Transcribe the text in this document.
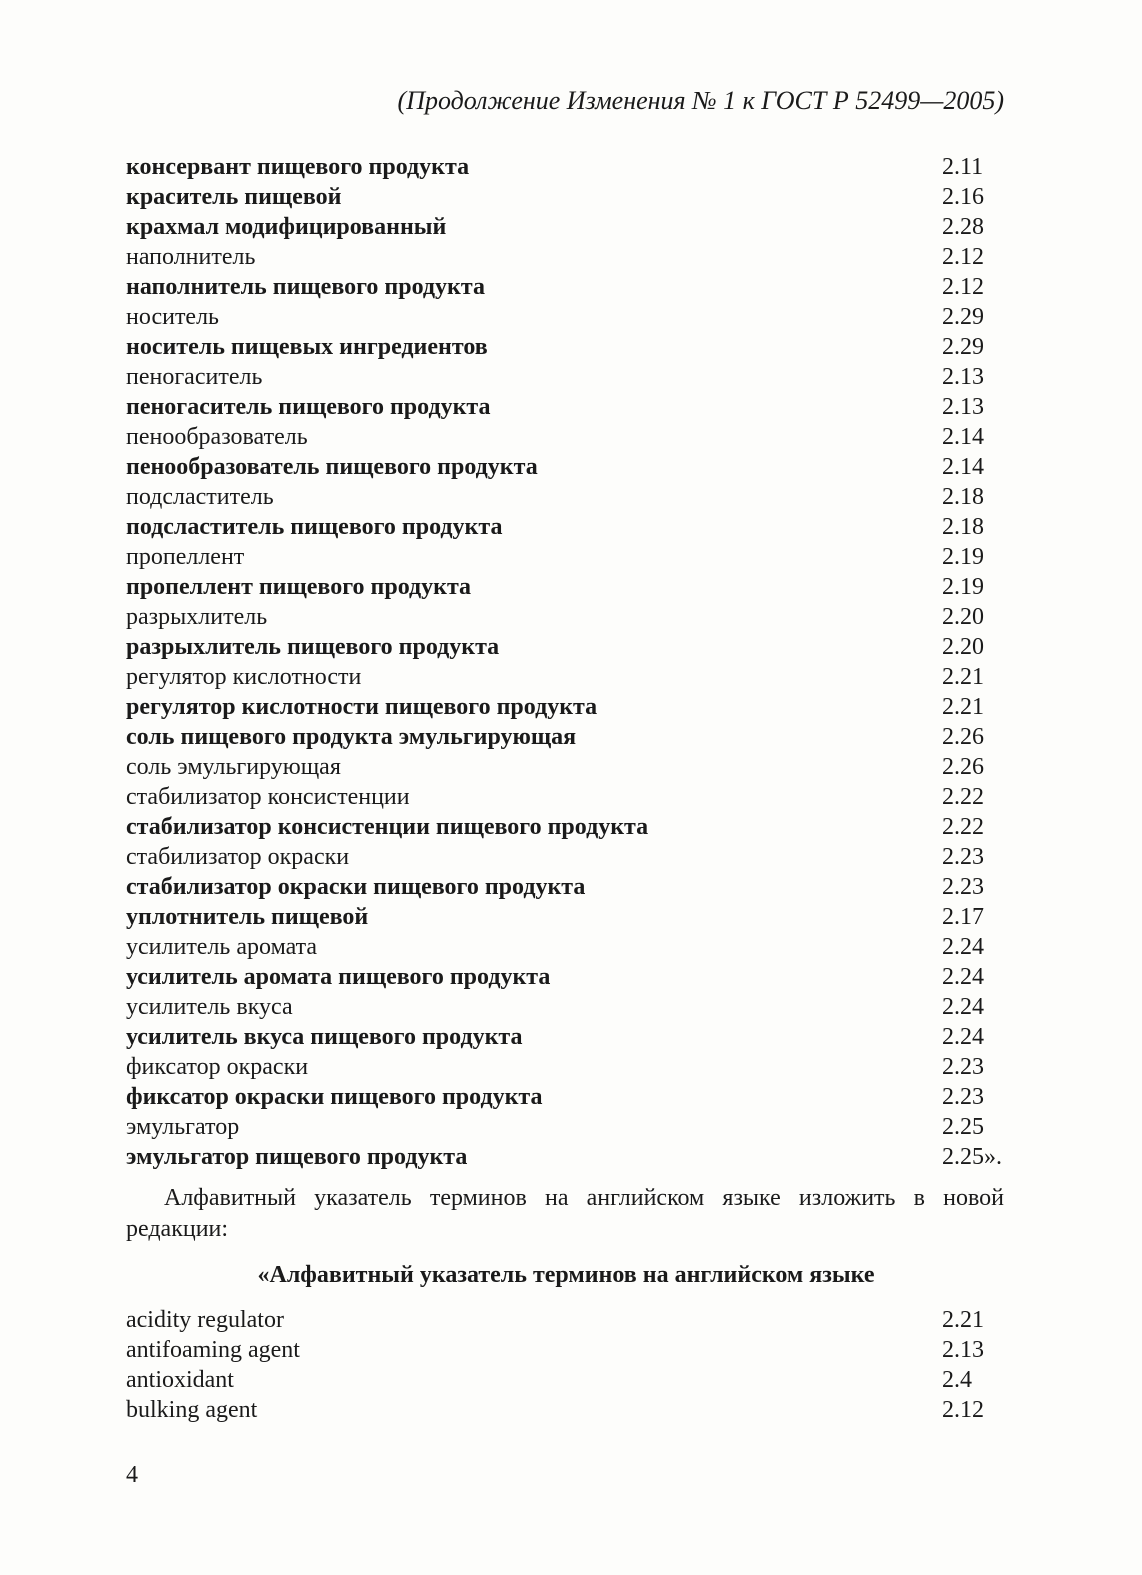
(Продолжение Изменения № 1 к ГОСТ Р 52499—2005)
консервант пищевого продукта	2.11
краситель пищевой	2.16
крахмал модифицированный	2.28
наполнитель	2.12
наполнитель пищевого продукта	2.12
носитель	2.29
носитель пищевых ингредиентов	2.29
пеногаситель	2.13
пеногаситель пищевого продукта	2.13
пенообразователь	2.14
пенообразователь пищевого продукта	2.14
подсластитель	2.18
подсластитель пищевого продукта	2.18
пропеллент	2.19
пропеллент пищевого продукта	2.19
разрыхлитель	2.20
разрыхлитель пищевого продукта	2.20
регулятор кислотности	2.21
регулятор кислотности пищевого продукта	2.21
соль пищевого продукта эмульгирующая	2.26
соль эмульгирующая	2.26
стабилизатор консистенции	2.22
стабилизатор консистенции пищевого продукта	2.22
стабилизатор окраски	2.23
стабилизатор окраски пищевого продукта	2.23
уплотнитель пищевой	2.17
усилитель аромата	2.24
усилитель аромата пищевого продукта	2.24
усилитель вкуса	2.24
усилитель вкуса пищевого продукта	2.24
фиксатор окраски	2.23
фиксатор окраски пищевого продукта	2.23
эмульгатор	2.25
эмульгатор пищевого продукта	2.25».
Алфавитный указатель терминов на английском языке изложить в новой редакции:
«Алфавитный указатель терминов на английском языке
acidity regulator	2.21
antifoaming agent	2.13
antioxidant	2.4
bulking agent	2.12
4
